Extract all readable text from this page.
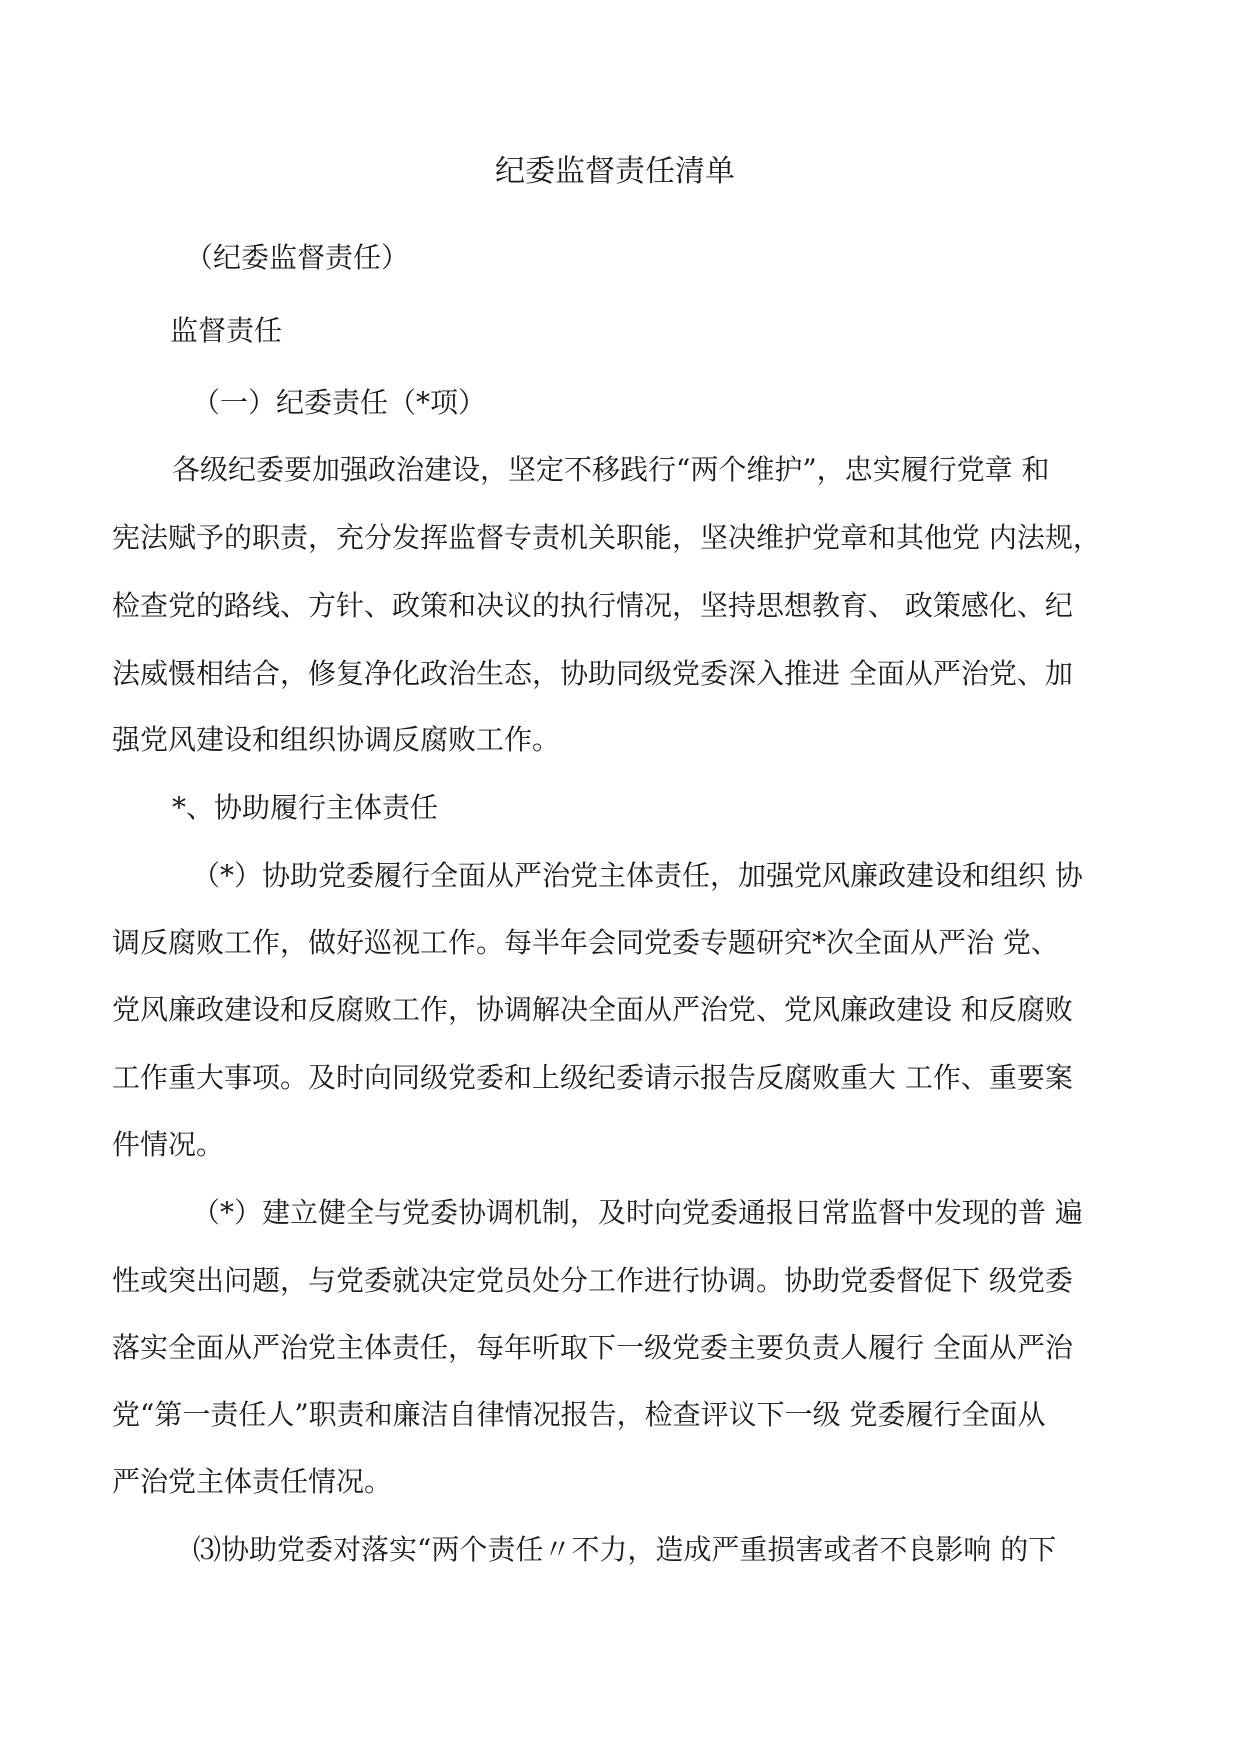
纪委监督责任清单
（纪委监督责任）
监督责任
（一）纪委责任（*项）
各级纪委要加强政治建设，坚定不移践行“两个维护”，忠实履行党章 和
宪法赋予的职责，充分发挥监督专责机关职能，坚决维护党章和其他党 内法规，
检查党的路线、方针、政策和决议的执行情况，坚持思想教育、 政策感化、纪
法威慑相结合，修复净化政治生态，协助同级党委深入推进 全面从严治党、加
强党风建设和组织协调反腐败工作。
*、协助履行主体责任
（*）协助党委履行全面从严治党主体责任，加强党风廉政建设和组织 协
调反腐败工作，做好巡视工作。每半年会同党委专题研究*次全面从严治 党、
党风廉政建设和反腐败工作，协调解决全面从严治党、党风廉政建设 和反腐败
工作重大事项。及时向同级党委和上级纪委请示报告反腐败重大 工作、重要案
件情况。
（*）建立健全与党委协调机制，及时向党委通报日常监督中发现的普 遍
性或突出问题，与党委就决定党员处分工作进行协调。协助党委督促下 级党委
落实全面从严治党主体责任，每年听取下一级党委主要负责人履行 全面从严治
党“第一责任人”职责和廉洁自律情况报告，检查评议下一级 党委履行全面从
严治党主体责任情况。
⑶协助党委对落实“两个责任〃不力，造成严重损害或者不良影响 的下
